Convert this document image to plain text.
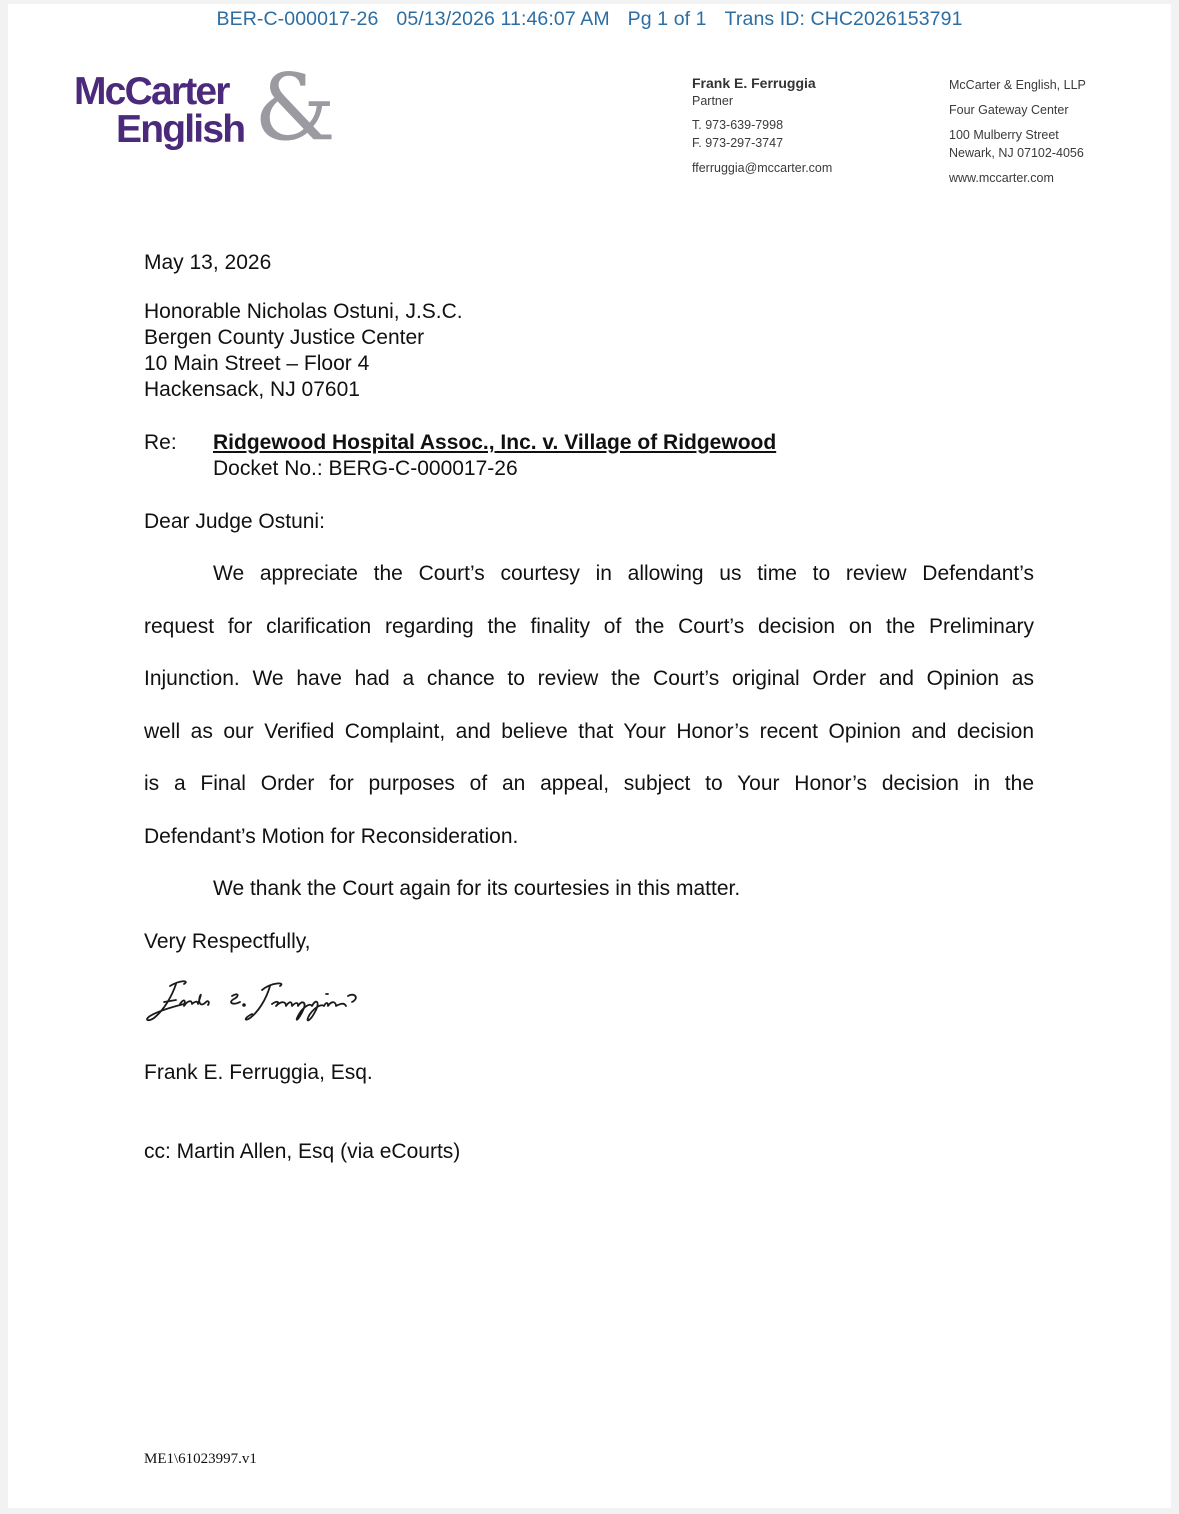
BER-C-000017-26 05/13/2026 11:46:07 AM Pg 1 of 1 Trans ID: CHC2026153791
&
McCarter
English
Frank E. Ferruggia
Partner
T. 973-639-7998
F. 973-297-3747
fferruggia@mccarter.com
McCarter & English, LLP
Four Gateway Center
100 Mulberry Street
Newark, NJ 07102-4056
www.mccarter.com
May 13, 2026
Honorable Nicholas Ostuni, J.S.C.
Bergen County Justice Center
10 Main Street – Floor 4
Hackensack, NJ 07601
Re: Ridgewood Hospital Assoc., Inc. v. Village of Ridgewood
Docket No.: BERG-C-000017-26
Dear Judge Ostuni:
We appreciate the Court’s courtesy in allowing us time to review Defendant’s
request for clarification regarding the finality of the Court’s decision on the Preliminary
Injunction. We have had a chance to review the Court’s original Order and Opinion as
well as our Verified Complaint, and believe that Your Honor’s recent Opinion and decision
is a Final Order for purposes of an appeal, subject to Your Honor’s decision in the
Defendant’s Motion for Reconsideration.
We thank the Court again for its courtesies in this matter.
Very Respectfully,
Frank E. Ferruggia, Esq.
cc: Martin Allen, Esq (via eCourts)
ME1\61023997.v1
